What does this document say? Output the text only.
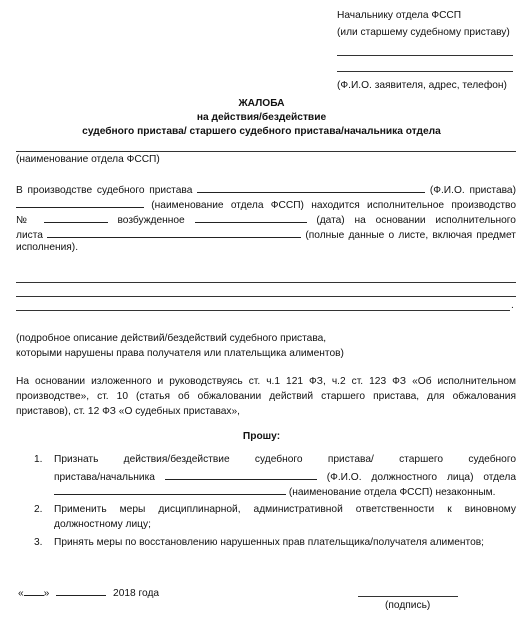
Начальнику отдела ФССП
(или старшему судебному приставу)
(Ф.И.О. заявителя, адрес, телефон)
ЖАЛОБА
на действия/бездействие
судебного пристава/ старшего судебного пристава/начальника отдела
(наименование отдела ФССП)
В производстве судебного пристава	(Ф.И.О. пристава)
(наименование отдела ФССП) находится исполнительное производство
№	возбужденное	(дата) на основании исполнительного
листа	(полные данные о листе, включая предмет
исполнения).
.
(подробное описание действий/бездействий судебного пристава,
которыми нарушены права получателя или плательщика алиментов)
На основании изложенного и руководствуясь ст. ч.1 121 ФЗ, ч.2 ст. 123 ФЗ «Об исполнительном
производстве», ст. 10 (статья об обжаловании действий старшего пристава, для обжалования
приставов), ст. 12 ФЗ «О судебных приставах»,
Прошу:
1. Признать действия/бездействие судебного пристава/ старшего судебного
пристава/начальника	(Ф.И.О. должностного лица) отдела
(наименование отдела ФССП) незаконным.
2. Применить меры дисциплинарной, административной ответственности к виновному
должностному лицу;
3. Принять меры по восстановлению нарушенных прав плательщика/получателя алиментов;
« »	2018 года
(подпись)
